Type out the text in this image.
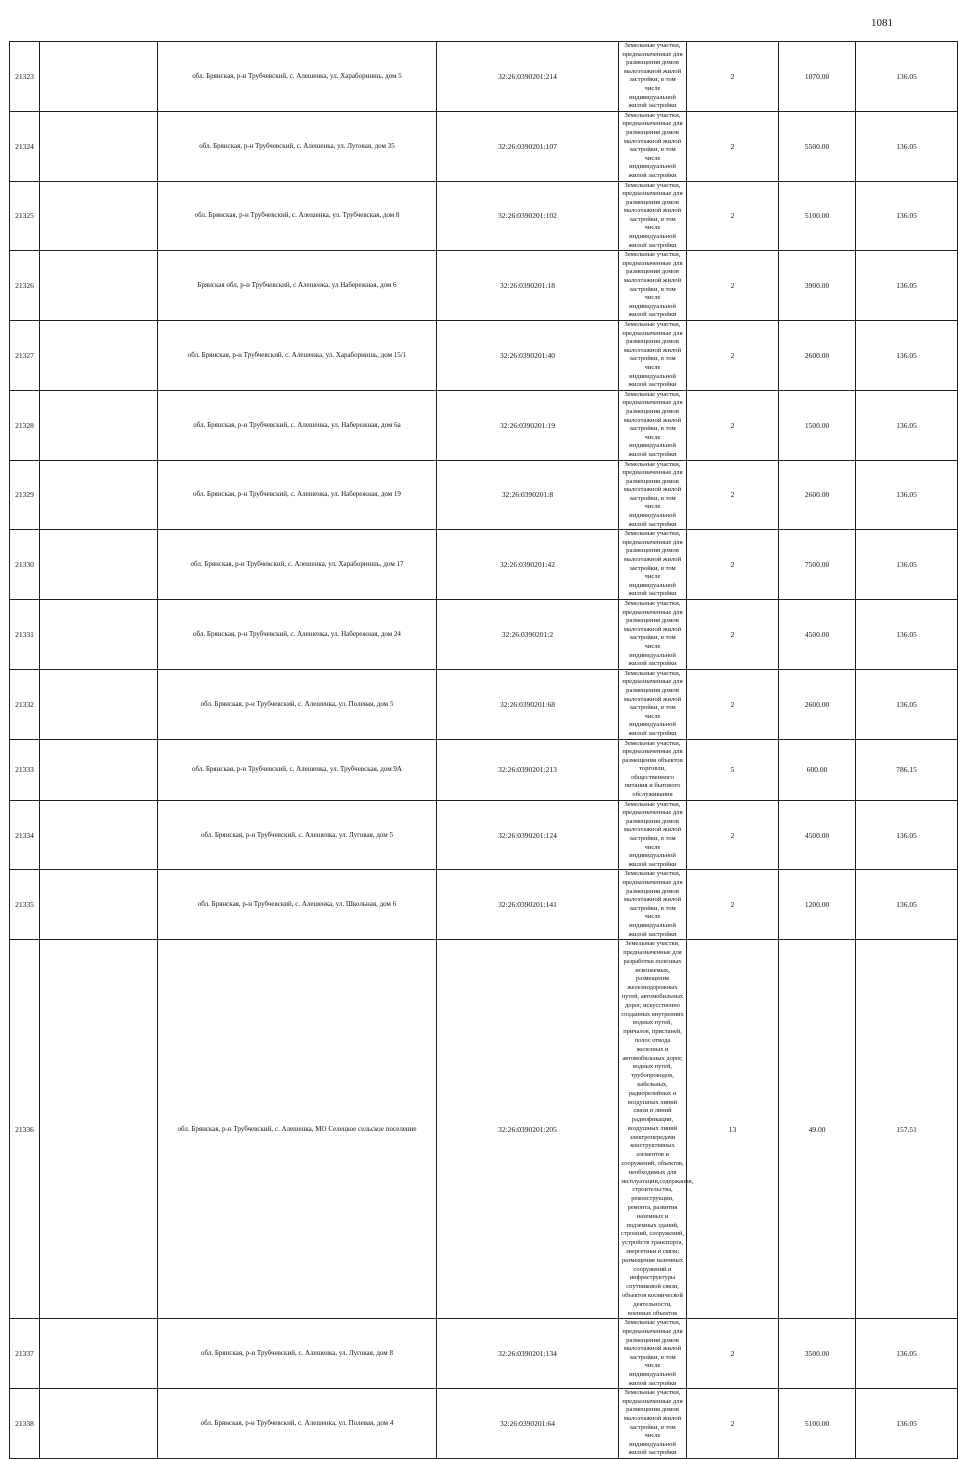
1081
21323		обл. Брянская, р-н Трубчевский, с. Алешенка, ул. Харабориншь, дом 5	32:26:0390201:214	Земельные участки, предназначенные для размещения домов малоэтажной жилой застройки, в том числе индивидуальной жилой застройки	2	1070.00	136.05	
21324		обл. Брянская, р-н Трубчевский, с. Алешенка, ул. Луговая, дом 35	32:26:0390201:107	Земельные участки, предназначенные для размещения домов малоэтажной жилой застройки, в том числе индивидуальной жилой застройки	2	5500.00	136.05	
21325		обл. Брянская, р-н Трубчевский, с. Алешенка, ул. Трубчевская, дом 8	32:26:0390201:102	Земельные участки, предназначенные для размещения домов малоэтажной жилой застройки, в том числе индивидуальной жилой застройки	2	5100.00	136.05	
21326		Брянская обл, р-н Трубчевский, с Алешенка, ул Набережная, дом 6	32:26:0390201:18	Земельные участки, предназначенные для размещения домов малоэтажной жилой застройки, в том числе индивидуальной жилой застройки	2	3900.00	136.05	
21327		обл. Брянская, р-н Трубчевский, с. Алешенка, ул. Харабориншь, дом 15/1	32:26:0390201:40	Земельные участки, предназначенные для размещения домов малоэтажной жилой застройки, в том числе индивидуальной жилой застройки	2	2600.00	136.05	
21328		обл. Брянская, р-н Трубчевский, с. Алешенка, ул. Набережная, дом 6а	32:26:0390201:19	Земельные участки, предназначенные для размещения домов малоэтажной жилой застройки, в том числе индивидуальной жилой застройки	2	1500.00	136.05	
21329		обл. Брянская, р-н Трубчевский, с. Алешенка, ул. Набережная, дом 19	32:26:0390201:8	Земельные участки, предназначенные для размещения домов малоэтажной жилой застройки, в том числе индивидуальной жилой застройки	2	2600.00	136.05	
21330		обл. Брянская, р-н Трубчевский, с. Алешенка, ул. Харабориншь, дом 17	32:26:0390201:42	Земельные участки, предназначенные для размещения домов малоэтажной жилой застройки, в том числе индивидуальной жилой застройки	2	7500.00	136.05	
21331		обл. Брянская, р-н Трубчевский, с. Алешенка, ул. Набережная, дом 24	32:26:0390201:2	Земельные участки, предназначенные для размещения домов малоэтажной жилой застройки, в том числе индивидуальной жилой застройки	2	4500.00	136.05	
21332		обл. Брянская, р-н Трубчевский, с. Алешенка, ул. Полевая, дом 5	32:26:0390201:68	Земельные участки, предназначенные для размещения домов малоэтажной жилой застройки, в том числе индивидуальной жилой застройки	2	2600.00	136.05	
21333		обл. Брянская, р-н Трубчевский, с. Алешенка, ул. Трубчевская, дом 9А	32:26:0390201:213	Земельные участки, предназначенные для размещения объектов торговли, общественного питания и бытового обслуживания	5	600.00	786.15	
21334		обл. Брянская, р-н Трубчевский, с. Алешенка, ул. Луговая, дом 5	32:26:0390201:124	Земельные участки, предназначенные для размещения домов малоэтажной жилой застройки, в том числе индивидуальной жилой застройки	2	4500.00	136.05	
21335		обл. Брянская, р-н Трубчевский, с. Алешенка, ул. Школьная, дом 6	32:26:0390201:141	Земельные участки, предназначенные для размещения домов малоэтажной жилой застройки, в том числе индивидуальной жилой застройки	2	1200.00	136.05	
21336		обл. Брянская, р-н Трубчевский, с. Алешенка, МО Селецкое сельское поселение	32:26:0390201:205	Земельные участки, предназначенные для разработки полезных ископаемых, размещения железнодорожных путей, автомобильных дорог, искусственно созданных внутренних водных путей, причалов, пристаней, полос отвода железных и автомобильных дорог, водных путей, трубопроводов, кабельных, радиорелейных и воздушных линий связи и линий радиофикации, воздушных линий электропередачи конструктивных элементов и сооружений, объектов, необходимых для эксплуатации,содержания, строительства, реконструкции, ремонта, развития наземных и подземных зданий, строений, сооружений, устройств транспорта, энергетики и связи; размещения наземных сооружений и инфраструктуры спутниковой связи, объектов космической деятельности, военных объектов	13	49.00	157.51	
21337		обл. Брянская, р-н Трубчевский, с. Алешенка, ул. Луговая, дом 8	32:26:0390201:134	Земельные участки, предназначенные для размещения домов малоэтажной жилой застройки, в том числе индивидуальной жилой застройки	2	3500.00	136.05	
21338		обл. Брянская, р-н Трубчевский, с. Алешенка, ул. Полевая, дом 4	32:26:0390201:64	Земельные участки, предназначенные для размещения домов малоэтажной жилой застройки, в том числе индивидуальной жилой застройки	2	5100.00	136.05	
